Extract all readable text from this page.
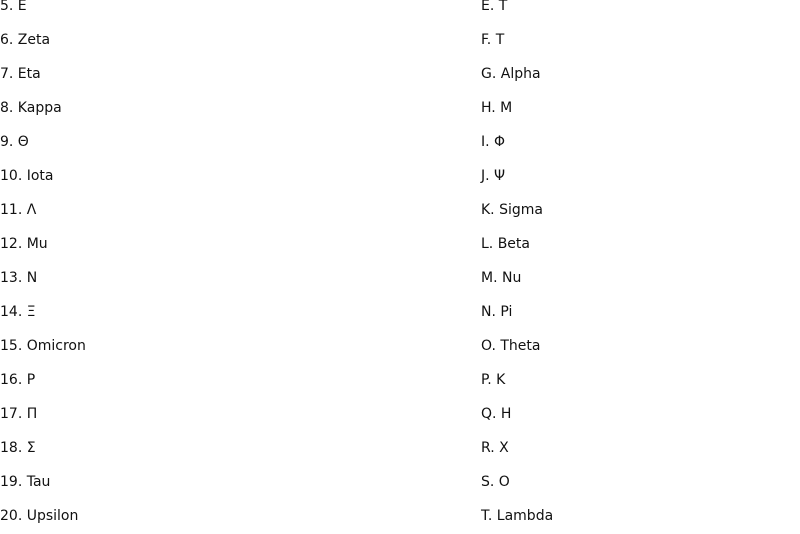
5. Ε	E. Τ
6. Zeta	F. Τ
7. Eta	G. Alpha
8. Kappa	H. Μ
9. Θ	I. Φ
10. Iota	J. Ψ
11. Λ	K. Sigma
12. Mu	L. Beta
13. Ν	M. Nu
14. Ξ	N. Pi
15. Omicron	O. Theta
16. Ρ	P. Κ
17. Π	Q. Η
18. Σ	R. Χ
19. Tau	S. Ο
20. Upsilon	T. Lambda
